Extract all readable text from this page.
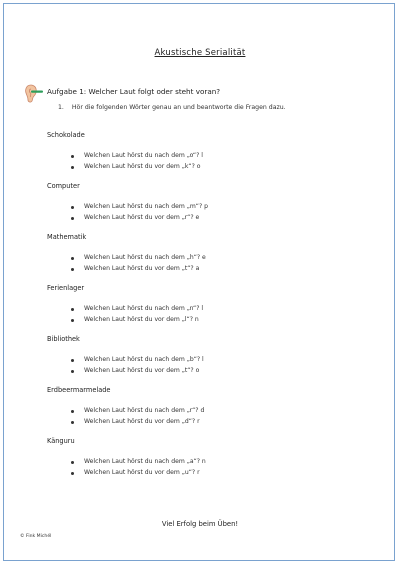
Akustische Serialität
Aufgabe 1: Welcher Laut folgt oder steht voran?
1. Hör die folgenden Wörter genau an und beantworte die Fragen dazu.
Schokolade
Welchen Laut hörst du nach dem „o“? l
Welchen Laut hörst du vor dem „k“? o
Computer
Welchen Laut hörst du nach dem „m“? p
Welchen Laut hörst du vor dem „r“? e
Mathematik
Welchen Laut hörst du nach dem „h“? e
Welchen Laut hörst du vor dem „t“? a
Ferienlager
Welchen Laut hörst du nach dem „n“? l
Welchen Laut hörst du vor dem „l“? n
Bibliothek
Welchen Laut hörst du nach dem „b“? l
Welchen Laut hörst du vor dem „t“? o
Erdbeermarmelade
Welchen Laut hörst du nach dem „r“? d
Welchen Laut hörst du vor dem „d“? r
Känguru
Welchen Laut hörst du nach dem „a“? n
Welchen Laut hörst du vor dem „u“? r
Viel Erfolg beim Üben!
© Fink Michél
